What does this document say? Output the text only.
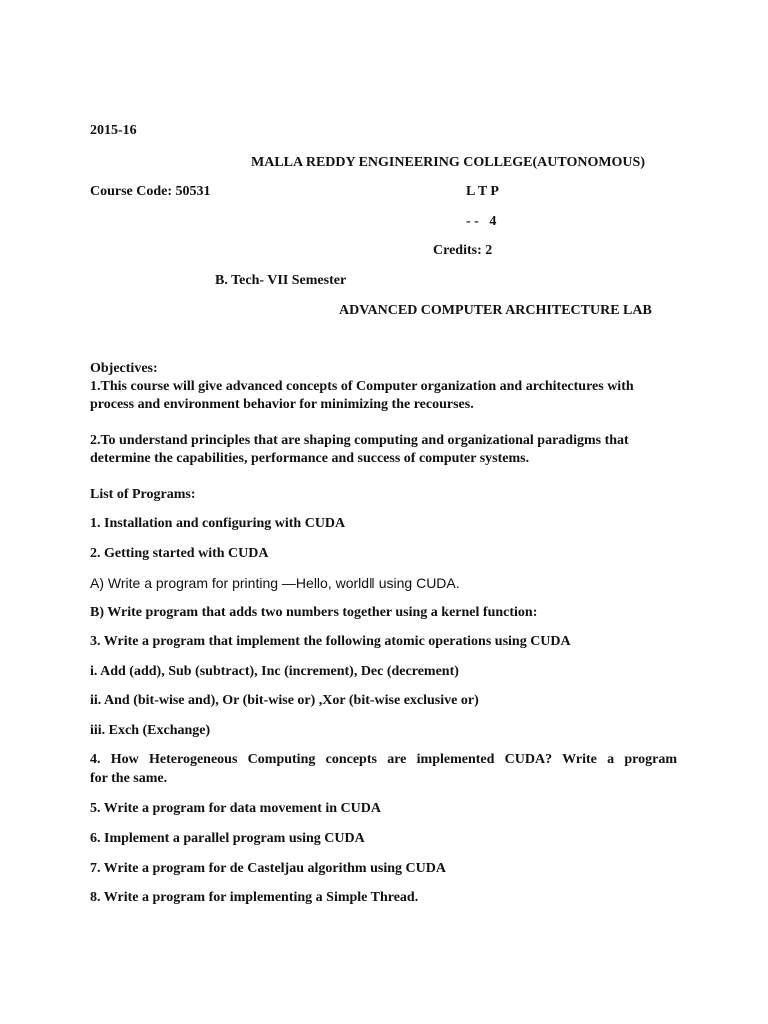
2015-16
MALLA REDDY ENGINEERING COLLEGE(AUTONOMOUS)
Course Code: 50531	L T P
- -   4
Credits: 2
B. Tech- VII Semester
ADVANCED COMPUTER ARCHITECTURE LAB
Objectives:
1.This course will give advanced concepts of Computer organization and architectures with process and environment behavior for minimizing the recourses.
2.To understand principles that are shaping computing and organizational paradigms that determine the capabilities, performance and success of computer systems.
List of Programs:
1. Installation and configuring with CUDA
2. Getting started with CUDA
A) Write a program for printing ―Hello, world‖ using CUDA.
B) Write program that adds two numbers together using a kernel function:
3. Write a program that implement the following atomic operations using CUDA
i. Add (add), Sub (subtract), Inc (increment), Dec (decrement)
ii. And (bit-wise and), Or (bit-wise or) ,Xor (bit-wise exclusive or)
iii. Exch (Exchange)
4. How Heterogeneous Computing concepts are implemented CUDA? Write a program
for the same.
5. Write a program for data movement in CUDA
6. Implement a parallel program using CUDA
7. Write a program for de Casteljau algorithm using CUDA
8. Write a program for implementing a Simple Thread.
